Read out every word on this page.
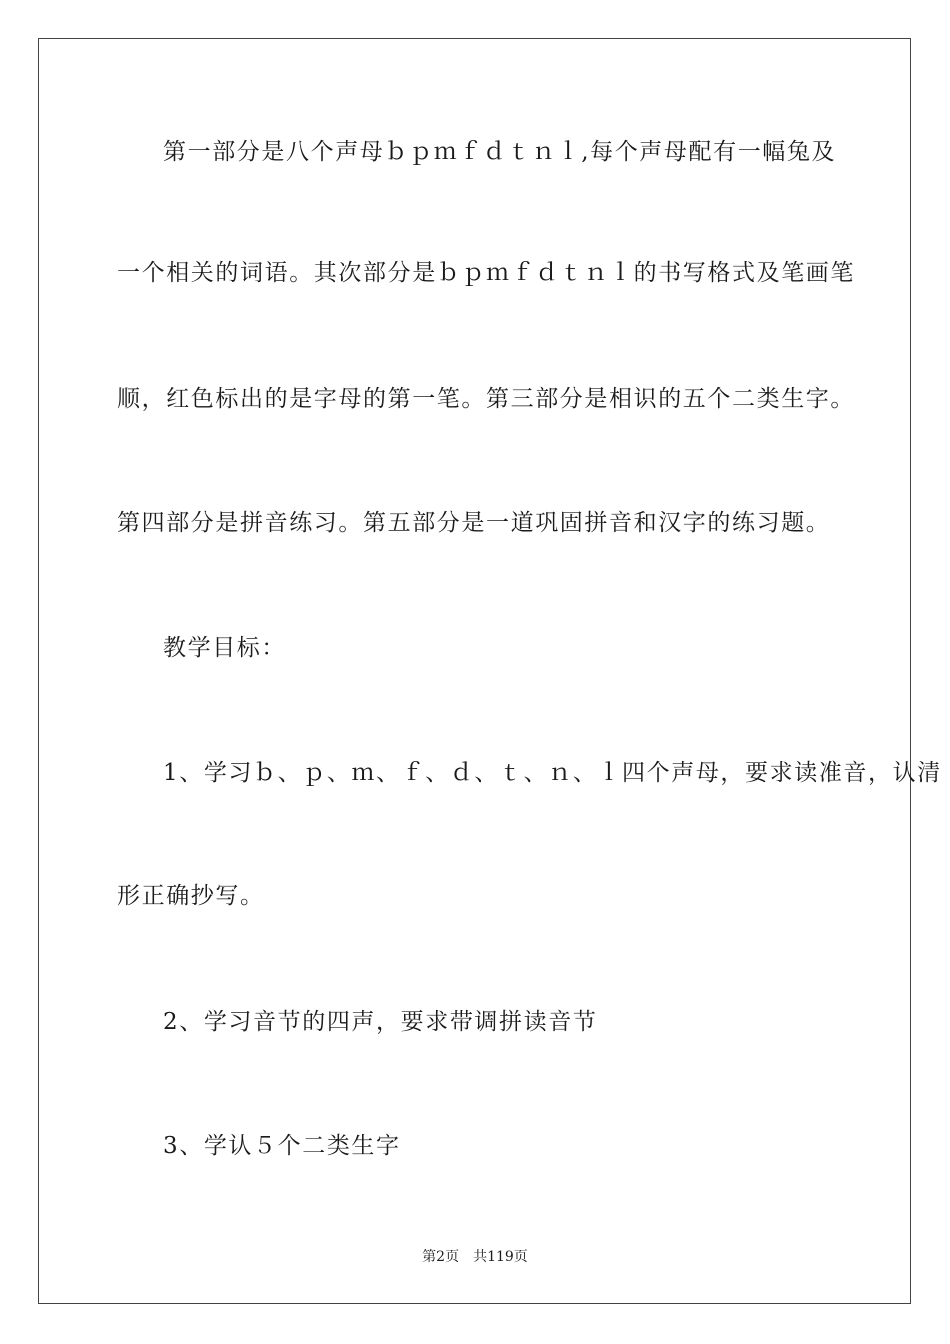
第一部分是八个声母ｂｐｍｆｄｔｎｌ,每个声母配有一幅兔及
一个相关的词语。其次部分是ｂｐｍｆｄｔｎｌ的书写格式及笔画笔
顺，红色标出的是字母的第一笔。第三部分是相识的五个二类生字。
第四部分是拼音练习。第五部分是一道巩固拼音和汉字的练习题。
教学目标：
1、学习ｂ、ｐ、ｍ、ｆ、ｄ、ｔ、ｎ、ｌ四个声母，要求读准音，认清
形正确抄写。
2、学习音节的四声，要求带调拼读音节
3、学认５个二类生字
第2页　共119页
